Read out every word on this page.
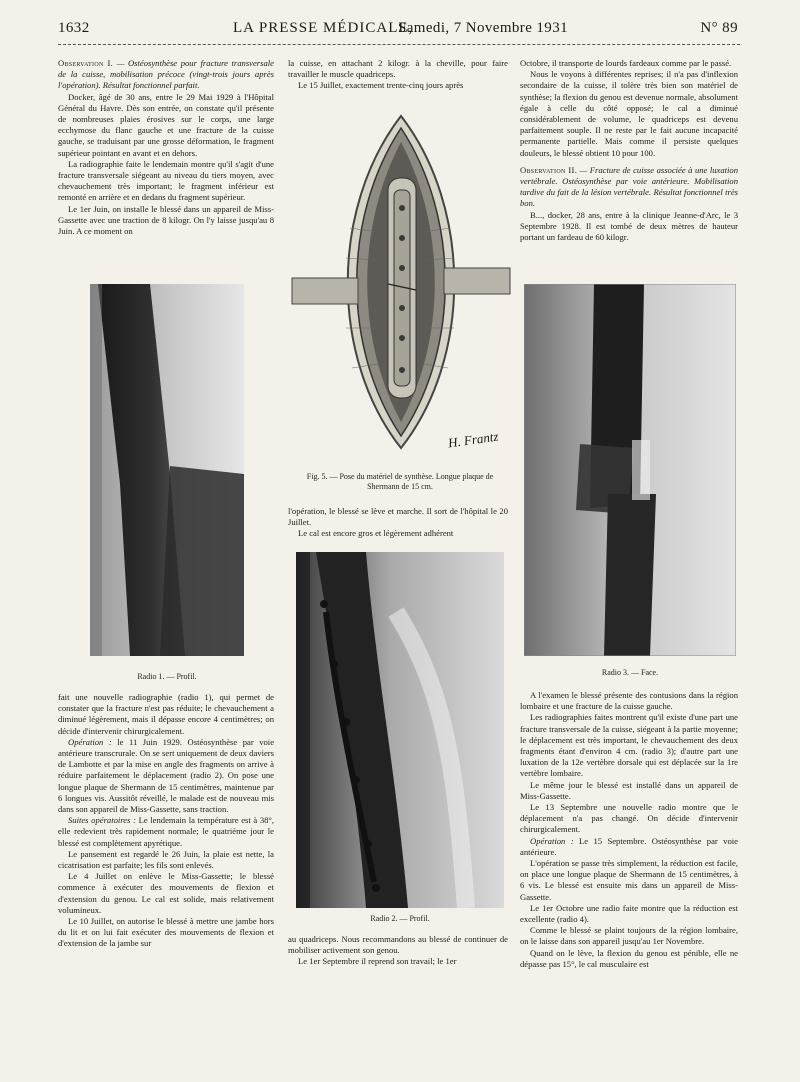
1632	LA PRESSE MÉDICALE,
Samedi, 7 Novembre 1931	N° 89

Observation I. — Ostéosynthèse pour fracture transversale de la cuisse, mobilisation précoce (vingt-trois jours après l'opération). Résultat fonctionnel parfait.

Docker, âgé de 30 ans, entre le 29 Mai 1929 à l'Hôpital Général du Havre. Dès son entrée, on constate qu'il présente de nombreuses plaies érosives sur le corps, une large ecchymose du flanc gauche et une fracture de la cuisse gauche, se traduisant par une grosse déformation, le fragment supérieur pointant en avant et en dehors.

La radiographie faite le lendemain montre qu'il s'agit d'une fracture transversale siégeant au niveau du tiers moyen, avec chevauchement très important; le fragment inférieur est remonté en arrière et en dedans du fragment supérieur.

Le 1er Juin, on installe le blessé dans un appareil de Miss-Gassette avec une traction de 8 kilogr. On l'y laisse jusqu'au 8 Juin. A ce moment on

Radio 1. — Profil.

fait une nouvelle radiographie (radio 1), qui permet de constater que la fracture n'est pas réduite; le chevauchement a diminué légèrement, mais il dépasse encore 4 centimètres; on décide d'intervenir chirurgicalement.

Opération : le 11 Juin 1929. Ostéosynthèse par voie antérieure transcrurale. On se sert uniquement de deux daviers de Lambotte et par la mise en angle des fragments on arrive à réduire parfaitement le déplacement (radio 2). On pose une longue plaque de Shermann de 15 centimètres, maintenue par 6 longues vis. Aussitôt réveillé, le malade est de nouveau mis dans son appareil de Miss-Gassette, sans traction.

Suites opératoires : Le lendemain la température est à 38°, elle redevient très rapidement normale; le quatrième jour le blessé est complètement apyrétique.

Le pansement est regardé le 26 Juin, la plaie est nette, la cicatrisation est parfaite; les fils sont enlevés.

Le 4 Juillet on enlève le Miss-Gassette; le blessé commence à exécuter des mouvements de flexion et d'extension du genou. Le cal est solide, mais relativement volumineux.

Le 10 Juillet, on autorise le blessé à mettre une jambe hors du lit et on lui fait exécuter des mouvements de flexion et d'extension de la jambe sur

la cuisse, en attachant 2 kilogr. à la cheville, pour faire travailler le muscle quadriceps.

Le 15 Juillet, exactement trente-cinq jours après

H. Frantz
Fig. 5. — Pose du matériel de synthèse. Longue plaque de Shermann de 15 cm.

l'opération, le blessé se lève et marche. Il sort de l'hôpital le 20 Juillet.

Le cal est encore gros et légèrement adhérent

Radio 2. — Profil.

au quadriceps. Nous recommandons au blessé de continuer de mobiliser activement son genou.

Le 1er Septembre il reprend son travail; le 1er

Octobre, il transporte de lourds fardeaux comme par le passé.

Nous le voyons à différentes reprises; il n'a pas d'inflexion secondaire de la cuisse, il tolère très bien son matériel de synthèse; la flexion du genou est devenue normale, absolument égale à celle du côté opposé; le cal a diminué considérablement de volume, le quadriceps est devenu parfaitement souple. Il ne reste par le fait aucune incapacité permanente partielle. Mais comme il persiste quelques douleurs, le blessé obtient 10 pour 100.

Observation II. — Fracture de cuisse associée à une luxation vertébrale. Ostéosynthèse par voie antérieure. Mobilisation tardive du fait de la lésion vertébrale. Résultat fonctionnel très bon.

B..., docker, 28 ans, entre à la clinique Jeanne-d'Arc, le 3 Septembre 1928. Il est tombé de deux mètres de hauteur portant un fardeau de 60 kilogr.

Radio 3. — Face.

A l'examen le blessé présente des contusions dans la région lombaire et une fracture de la cuisse gauche.

Les radiographies faites montrent qu'il existe d'une part une fracture transversale de la cuisse, siégeant à la partie moyenne; le déplacement est très important, le chevauchement des deux fragments étant d'environ 4 cm. (radio 3); d'autre part une luxation de la 12e vertèbre dorsale qui est déplacée sur la 1re vertèbre lombaire.

Le même jour le blessé est installé dans un appareil de Miss-Gassette.

Le 13 Septembre une nouvelle radio montre que le déplacement n'a pas changé. On décide d'intervenir chirurgicalement.

Opération : Le 15 Septembre. Ostéosynthèse par voie antérieure.

L'opération se passe très simplement, la réduction est facile, on place une longue plaque de Shermann de 15 centimètres, à 6 vis. Le blessé est ensuite mis dans un appareil de Miss-Gassette.

Le 1er Octobre une radio faite montre que la réduction est excellente (radio 4).

Comme le blessé se plaint toujours de la région lombaire, on le laisse dans son appareil jusqu'au 1er Novembre.

Quand on le lève, la flexion du genou est pénible, elle ne dépasse pas 15°, le cal musculaire est
